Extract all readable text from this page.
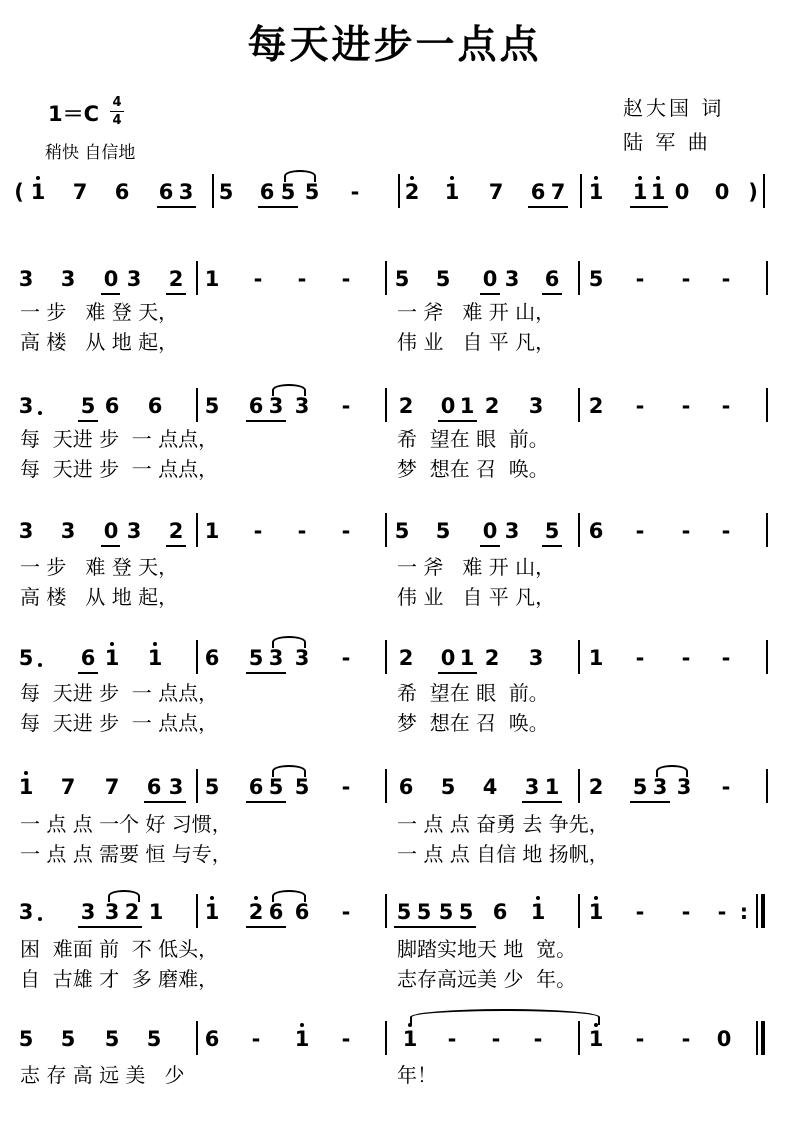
每天进步一点点
1＝C 4
4
稍快 自信地
赵大国 词
陆 军 曲
( 1 7 6 6 3 5 6 5 5 - 2 1 7 6 7 1 1 1 0 0 )
3 3 0 3 2 1 - - - 5 5 0 3 6 5 - - -
3 3 0 3 2 1 - - - 5 5 0 3 5 6 - - -
3 5 6 6 5 6 3 3 - 2 0 1 2 3 2 - - -
5 6 1 1 6 5 3 3 - 2 0 1 2 3 1 - - -
1 7 7 6 3 5 6 5 5 - 6 5 4 3 1 2 5 3 3 -
3 3 3 2 1 1 2 6 6 - 5 5 5 5 6 1 1 - - - :
5 5 5 5 6 - 1 - 1 - - - 1 - - 0
一 步   难 登 天，	一 斧   难 开 山，
高 楼   从 地 起，	伟 业   自 平 凡，
每  天进 步  一 点点，	希  望在 眼  前。
每  天进 步  一 点点，	梦  想在 召  唤。
一 步   难 登 天，	一 斧   难 开 山，
高 楼   从 地 起，	伟 业   自 平 凡，
每  天进 步  一 点点，	希  望在 眼  前。
每  天进 步  一 点点，	梦  想在 召  唤。
一 点 点 一个 好 习惯，	一 点 点 奋勇 去 争先，
一 点 点 需要 恒 与专，	一 点 点 自信 地 扬帆，
困  难面 前  不 低头，	脚踏实地天 地  宽。
自  古雄 才  多 磨难，	志存高远美 少  年。
志 存 高 远 美   少	年！
